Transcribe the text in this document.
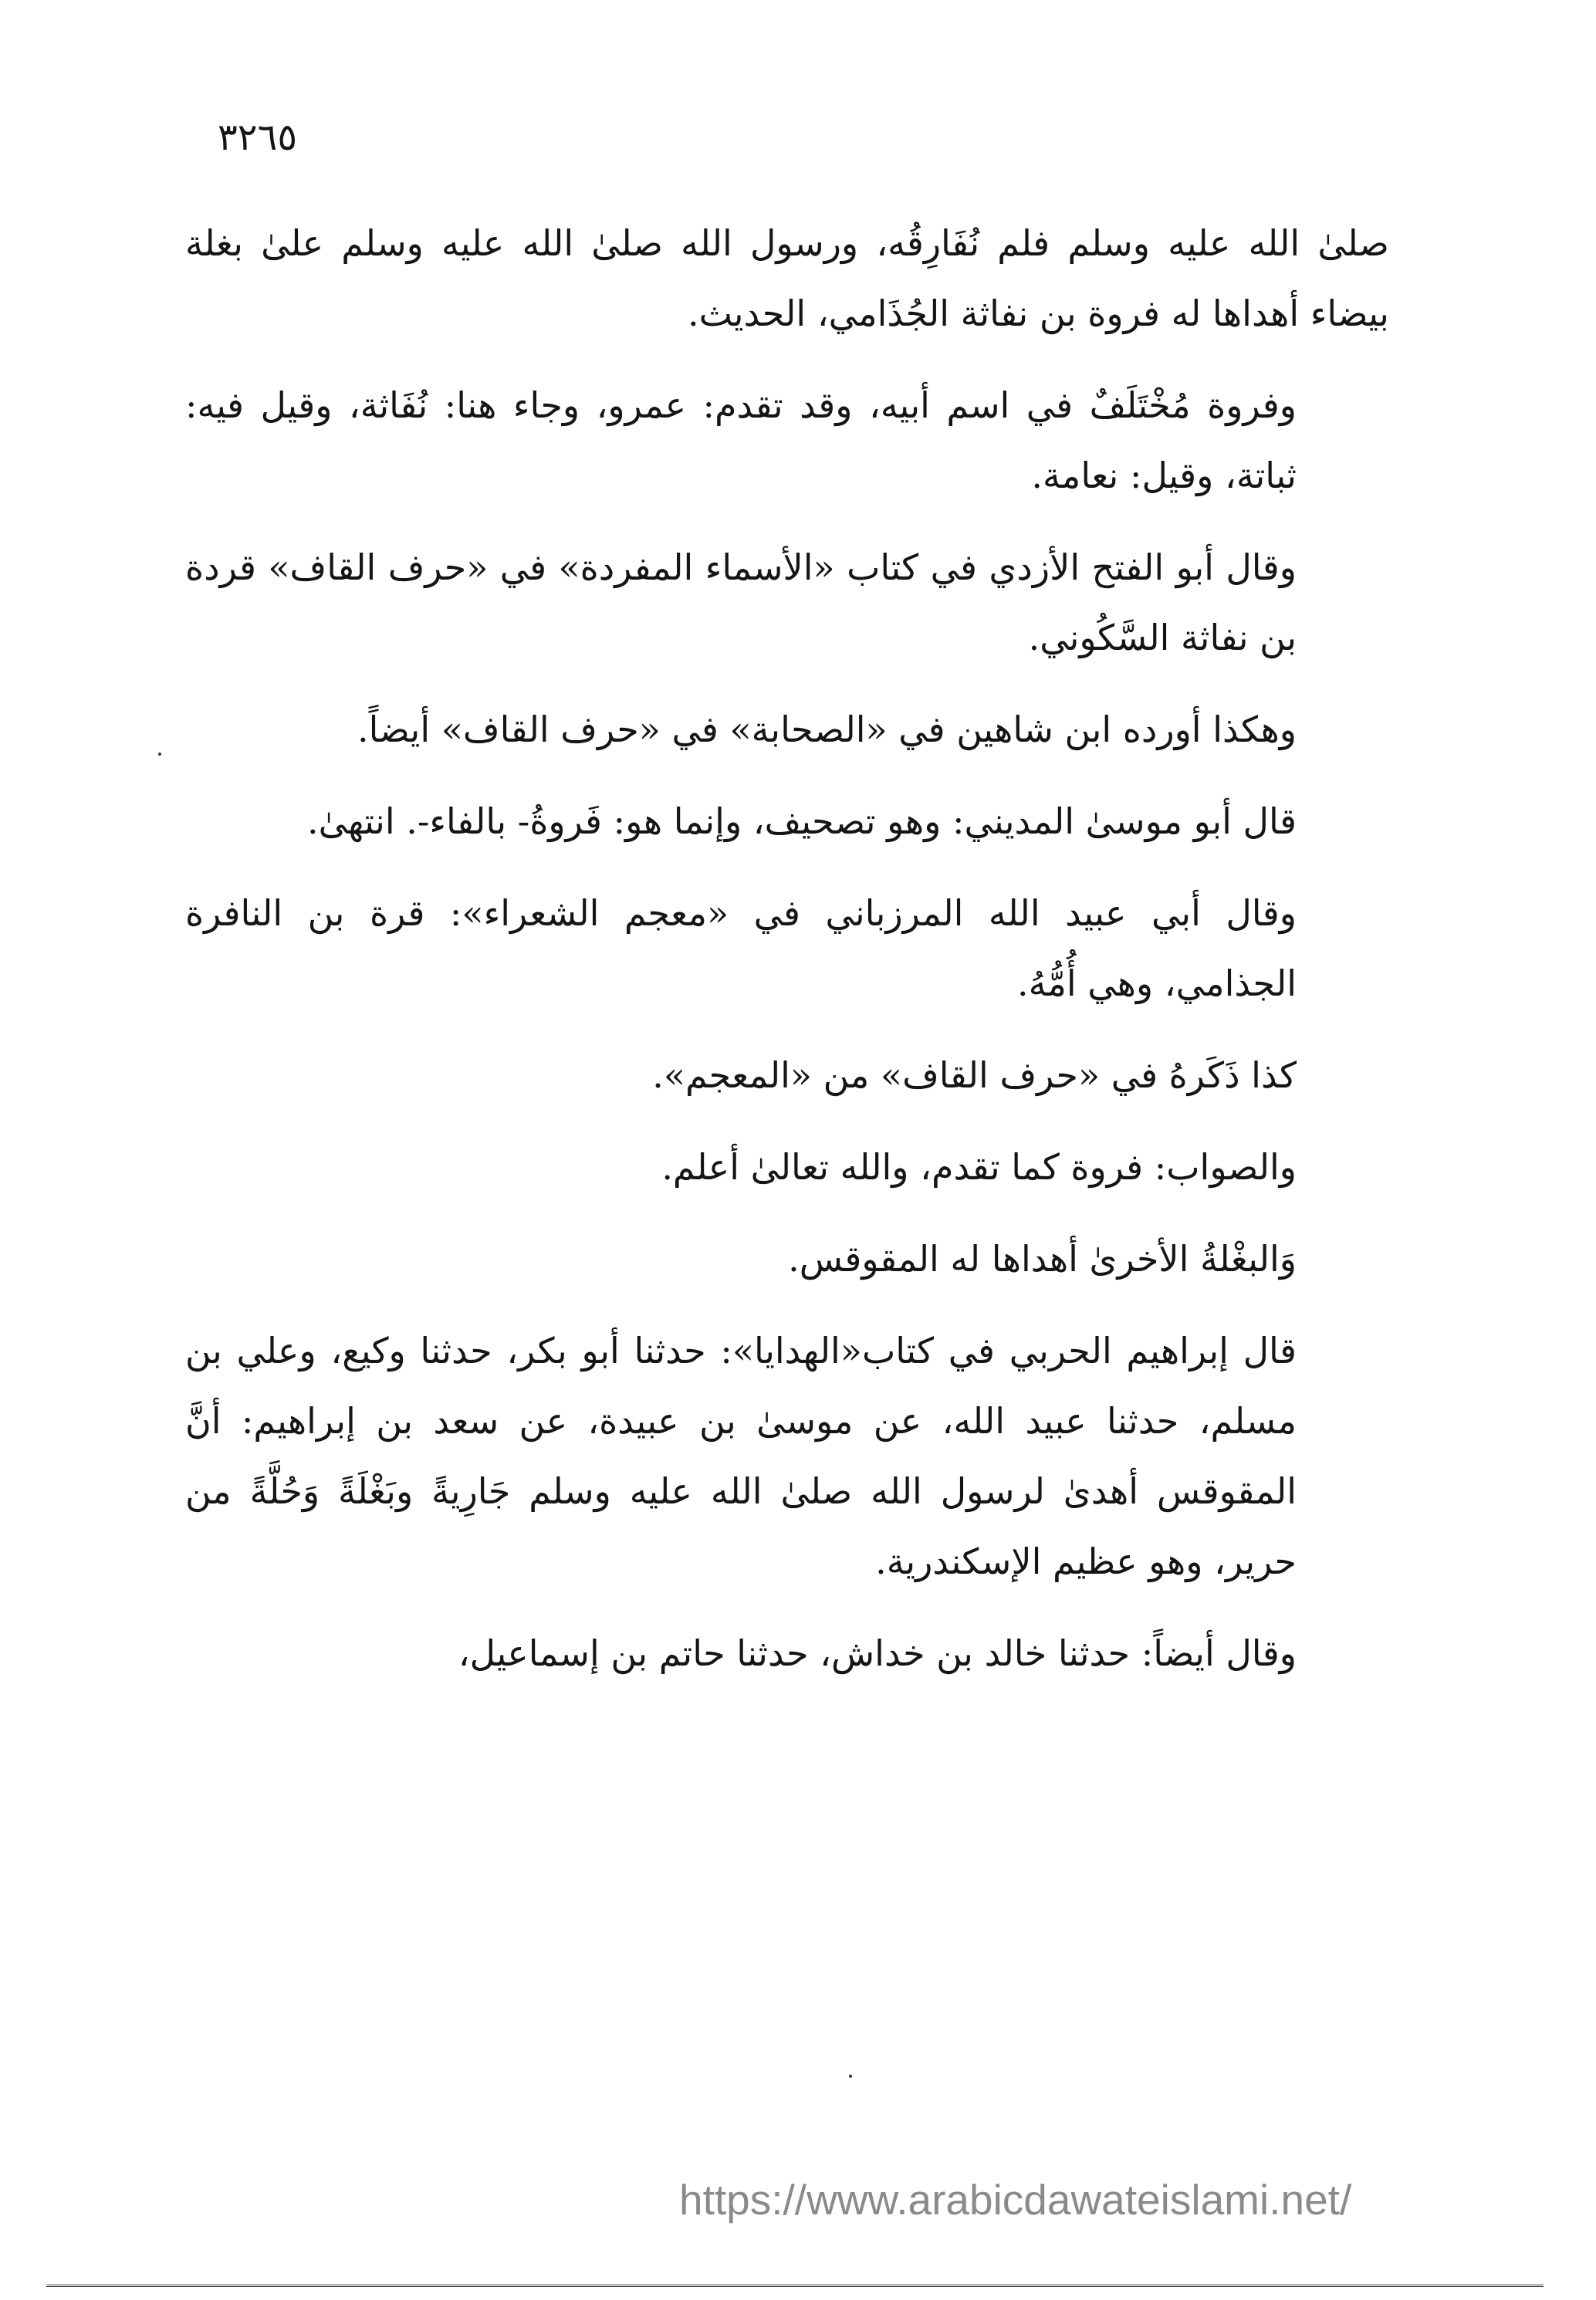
٣٢٦٥

صلىٰ الله عليه وسلم فلم نُفَارِقُه، ورسول الله صلىٰ الله عليه وسلم علىٰ بغلة بيضاء أهداها له فروة بن نفاثة الجُذَامي، الحديث.

وفروة مُخْتَلَفٌ في اسم أبيه، وقد تقدم: عمرو، وجاء هنا: نُفَاثة، وقيل فيه: ثباتة، وقيل: نعامة.

وقال أبو الفتح الأزدي في كتاب «الأسماء المفردة» في «حرف القاف» قردة بن نفاثة السَّكُوني.

وهكذا أورده ابن شاهين في «الصحابة» في «حرف القاف» أيضاً.

قال أبو موسىٰ المديني: وهو تصحيف، وإنما هو: فَروةُ- بالفاء-. انتهىٰ.

وقال أبي عبيد الله المرزباني في «معجم الشعراء»: قرة بن النافرة الجذامي، وهي أُمُّهُ.

كذا ذَكَرهُ في «حرف القاف» من «المعجم».

والصواب: فروة كما تقدم، والله تعالىٰ أعلم.

وَالبغْلةُ الأخرىٰ أهداها له المقوقس.

قال إبراهيم الحربي في كتاب«الهدايا»: حدثنا أبو بكر، حدثنا وكيع، وعلي بن مسلم، حدثنا عبيد الله، عن موسىٰ بن عبيدة، عن سعد بن إبراهيم: أنَّ المقوقس أهدىٰ لرسول الله صلىٰ الله عليه وسلم جَارِيةً وبَغْلَةً وَحُلَّةً من حرير، وهو عظيم الإسكندرية.

وقال أيضاً: حدثنا خالد بن خداش، حدثنا حاتم بن إسماعيل،

https://www.arabicdawateislami.net/
